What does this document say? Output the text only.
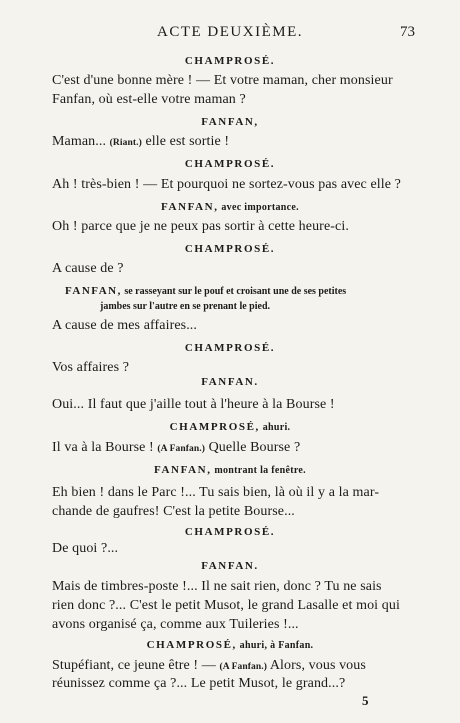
ACTE DEUXIÈME.	73
CHAMPROSÉ.
C'est d'une bonne mère ! — Et votre maman, cher monsieur
Fanfan, où est-elle votre maman ?
FANFAN,
Maman... (Riant.) elle est sortie !
CHAMPROSÉ.
Ah ! très-bien ! — Et pourquoi ne sortez-vous pas avec elle ?
FANFAN, avec importance.
Oh ! parce que je ne peux pas sortir à cette heure-ci.
CHAMPROSÉ.
A cause de ?
FANFAN, se rasseyant sur le pouf et croisant une de ses petites
jambes sur l'autre en se prenant le pied.
A cause de mes affaires...
CHAMPROSÉ.
Vos affaires ?
FANFAN.
Oui... Il faut que j'aille tout à l'heure à la Bourse !
CHAMPROSÉ, ahuri.
Il va à la Bourse ! (A Fanfan.) Quelle Bourse ?
FANFAN, montrant la fenêtre.
Eh bien ! dans le Parc !... Tu sais bien, là où il y a la mar-
chande de gaufres! C'est la petite Bourse...
CHAMPROSÉ.
De quoi ?...
FANFAN.
Mais de timbres-poste !... Il ne sait rien, donc ? Tu ne sais
rien donc ?... C'est le petit Musot, le grand Lasalle et moi qui
avons organisé ça, comme aux Tuileries !...
CHAMPROSÉ, ahuri, à Fanfan.
Stupéfiant, ce jeune être ! — (A Fanfan.) Alors, vous vous
réunissez comme ça ?... Le petit Musot, le grand...?
5
